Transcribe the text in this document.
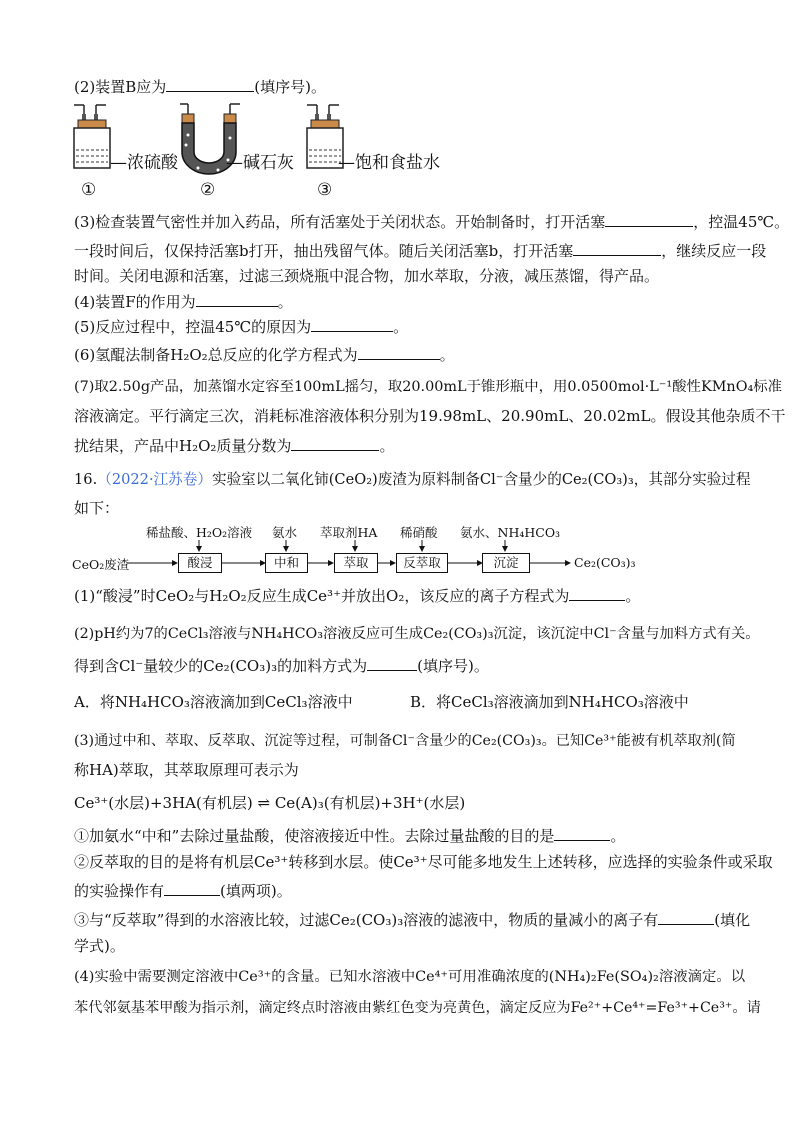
(2)装置B应为	(填序号)。
—浓硫酸	—碱石灰	—饱和食盐水
①	②	③
(3)检查装置气密性并加入药品，所有活塞处于关闭状态。开始制备时，打开活塞	，控温45℃。
一段时间后，仅保持活塞b打开，抽出残留气体。随后关闭活塞b，打开活塞	，继续反应一段
时间。关闭电源和活塞，过滤三颈烧瓶中混合物，加水萃取，分液，减压蒸馏，得产品。
(4)装置F的作用为	。
(5)反应过程中，控温45℃的原因为	。
(6)氢醌法制备H₂O₂总反应的化学方程式为	。
(7)取2.50g产品，加蒸馏水定容至100mL摇匀，取20.00mL于锥形瓶中，用0.0500mol·L⁻¹酸性KMnO₄标准
溶液滴定。平行滴定三次，消耗标准溶液体积分别为19.98mL、20.90mL、20.02mL。假设其他杂质不干
扰结果，产品中H₂O₂质量分数为	。
16.（2022·江苏卷）实验室以二氧化铈(CeO₂)废渣为原料制备Cl⁻含量少的Ce₂(CO₃)₃，其部分实验过程
如下：
稀盐酸、H₂O₂溶液 氨水 萃取剂HA 稀硝酸 氨水、NH₄HCO₃
CeO₂废渣	酸浸	中和	萃取	反萃取	沉淀	Ce₂(CO₃)₃
(1)“酸浸”时CeO₂与H₂O₂反应生成Ce³⁺并放出O₂，该反应的离子方程式为	。
(2)pH约为7的CeCl₃溶液与NH₄HCO₃溶液反应可生成Ce₂(CO₃)₃沉淀，该沉淀中Cl⁻含量与加料方式有关。
得到含Cl⁻量较少的Ce₂(CO₃)₃的加料方式为	(填序号)。
A．将NH₄HCO₃溶液滴加到CeCl₃溶液中	B．将CeCl₃溶液滴加到NH₄HCO₃溶液中
(3)通过中和、萃取、反萃取、沉淀等过程，可制备Cl⁻含量少的Ce₂(CO₃)₃。已知Ce³⁺能被有机萃取剂(简
称HA)萃取，其萃取原理可表示为
Ce³⁺(水层)+3HA(有机层) ⇌ Ce(A)₃(有机层)+3H⁺(水层)
①加氨水“中和”去除过量盐酸，使溶液接近中性。去除过量盐酸的目的是	。
②反萃取的目的是将有机层Ce³⁺转移到水层。使Ce³⁺尽可能多地发生上述转移，应选择的实验条件或采取
的实验操作有	(填两项)。
③与“反萃取”得到的水溶液比较，过滤Ce₂(CO₃)₃溶液的滤液中，物质的量减小的离子有	(填化
学式)。
(4)实验中需要测定溶液中Ce³⁺的含量。已知水溶液中Ce⁴⁺可用准确浓度的(NH₄)₂Fe(SO₄)₂溶液滴定。以
苯代邻氨基苯甲酸为指示剂，滴定终点时溶液由紫红色变为亮黄色，滴定反应为Fe²⁺+Ce⁴⁺=Fe³⁺+Ce³⁺。请
